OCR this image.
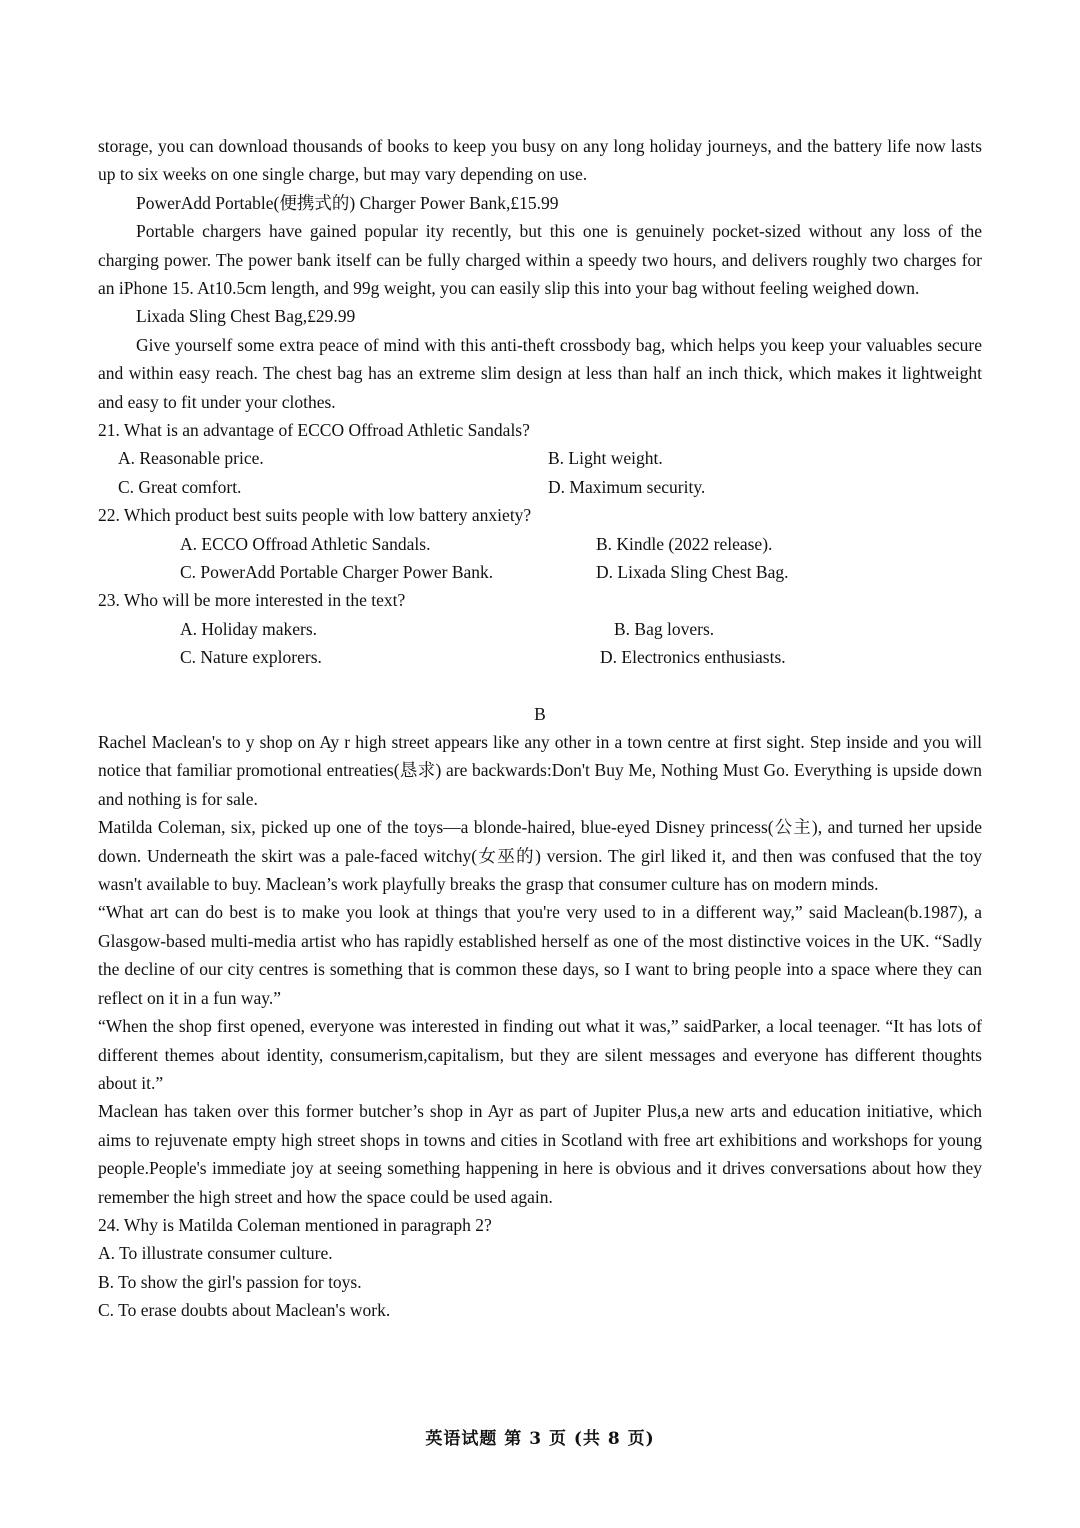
storage, you can download thousands of books to keep you busy on any long holiday journeys, and the battery life now lasts up to six weeks on one single charge, but may vary depending on use.

PowerAdd Portable(便携式的) Charger Power Bank,£15.99

Portable chargers have gained popular ity recently, but this one is genuinely pocket-sized without any loss of the charging power. The power bank itself can be fully charged within a speedy two hours, and delivers roughly two charges for an iPhone 15. At10.5cm length, and 99g weight, you can easily slip this into your bag without feeling weighed down.

Lixada Sling Chest Bag,£29.99

Give yourself some extra peace of mind with this anti-theft crossbody bag, which helps you keep your valuables secure and within easy reach. The chest bag has an extreme slim design at less than half an inch thick, which makes it lightweight and easy to fit under your clothes.

21. What is an advantage of ECCO Offroad Athletic Sandals?

A. Reasonable price.	B. Light weight.
C. Great comfort.	D. Maximum security.

22. Which product best suits people with low battery anxiety?

A. ECCO Offroad Athletic Sandals.	B. Kindle (2022 release).
C. PowerAdd Portable Charger Power Bank.	D. Lixada Sling Chest Bag.

23. Who will be more interested in the text?

A. Holiday makers.	B. Bag lovers.
C. Nature explorers.	D. Electronics enthusiasts.

B

Rachel Maclean's to y shop on Ay r high street appears like any other in a town centre at first sight. Step inside and you will notice that familiar promotional entreaties(恳求) are backwards:Don't Buy Me, Nothing Must Go. Everything is upside down and nothing is for sale.

Matilda Coleman, six, picked up one of the toys—a blonde-haired, blue-eyed Disney princess(公主), and turned her upside down. Underneath the skirt was a pale-faced witchy(女巫的) version. The girl liked it, and then was confused that the toy wasn't available to buy. Maclean’s work playfully breaks the grasp that consumer culture has on modern minds.

“What art can do best is to make you look at things that you're very used to in a different way,” said Maclean(b.1987), a Glasgow-based multi-media artist who has rapidly established herself as one of the most distinctive voices in the UK. “Sadly the decline of our city centres is something that is common these days, so I want to bring people into a space where they can reflect on it in a fun way.”

“When the shop first opened, everyone was interested in finding out what it was,” saidParker, a local teenager. “It has lots of different themes about identity, consumerism,capitalism, but they are silent messages and everyone has different thoughts about it.”

Maclean has taken over this former butcher’s shop in Ayr as part of Jupiter Plus,a new arts and education initiative, which aims to rejuvenate empty high street shops in towns and cities in Scotland with free art exhibitions and workshops for young people.People's immediate joy at seeing something happening in here is obvious and it drives conversations about how they remember the high street and how the space could be used again.

24. Why is Matilda Coleman mentioned in paragraph 2?

A. To illustrate consumer culture.

B. To show the girl's passion for toys.

C. To erase doubts about Maclean's work.

英语试题 第 3 页 (共 8 页)
